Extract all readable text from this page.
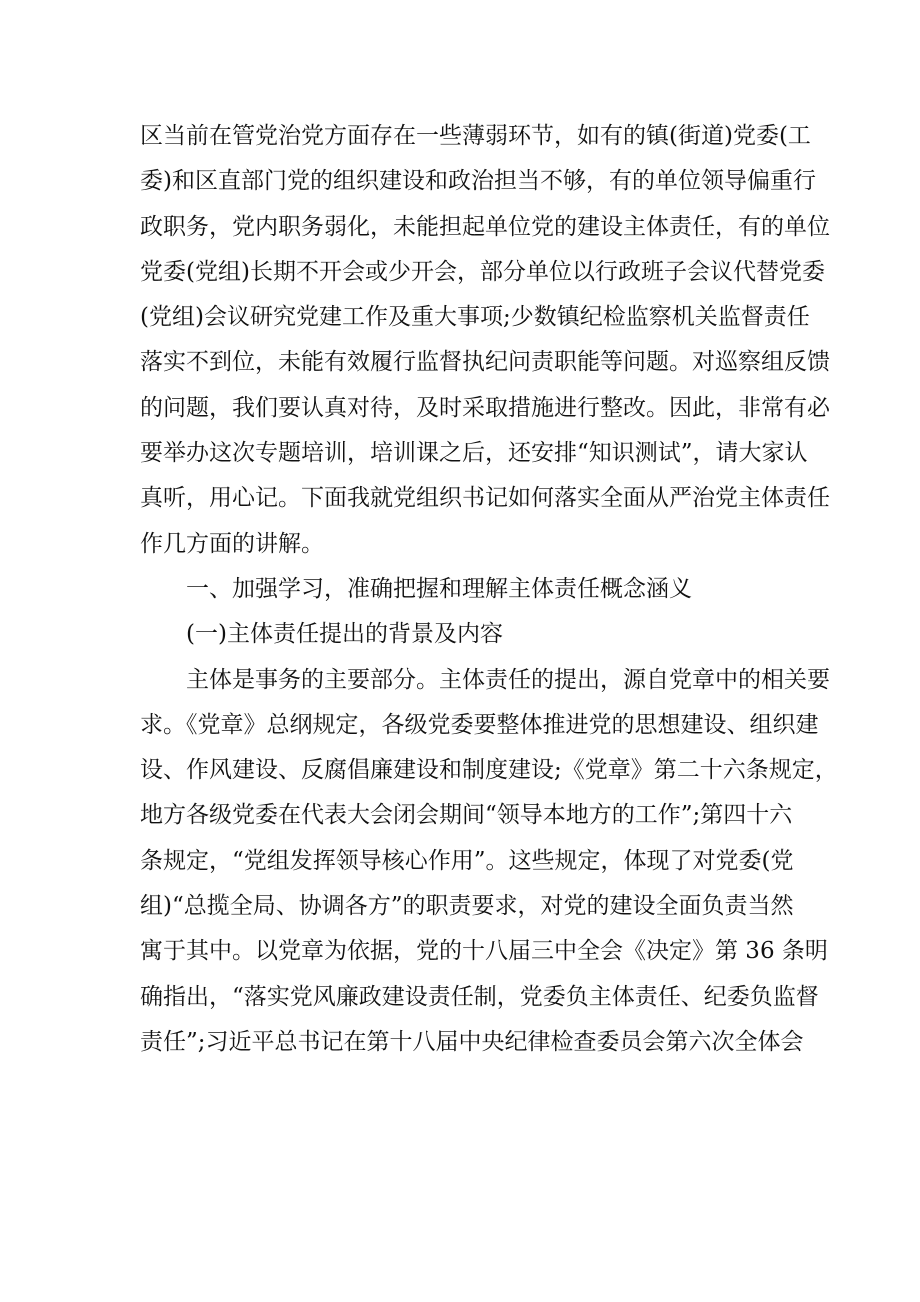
区当前在管党治党方面存在一些薄弱环节，如有的镇(街道)党委(工
委)和区直部门党的组织建设和政治担当不够，有的单位领导偏重行
政职务，党内职务弱化，未能担起单位党的建设主体责任，有的单位
党委(党组)长期不开会或少开会，部分单位以行政班子会议代替党委
(党组)会议研究党建工作及重大事项;少数镇纪检监察机关监督责任
落实不到位，未能有效履行监督执纪问责职能等问题。对巡察组反馈
的问题，我们要认真对待，及时采取措施进行整改。因此，非常有必
要举办这次专题培训，培训课之后，还安排“知识测试”，请大家认
真听，用心记。下面我就党组织书记如何落实全面从严治党主体责任
作几方面的讲解。
一、加强学习，准确把握和理解主体责任概念涵义
(一)主体责任提出的背景及内容
主体是事务的主要部分。主体责任的提出，源自党章中的相关要
求。《党章》总纲规定，各级党委要整体推进党的思想建设、组织建
设、作风建设、反腐倡廉建设和制度建设;《党章》第二十六条规定，
地方各级党委在代表大会闭会期间“领导本地方的工作”;第四十六
条规定，“党组发挥领导核心作用”。这些规定，体现了对党委(党
组)“总揽全局、协调各方”的职责要求，对党的建设全面负责当然
寓于其中。以党章为依据，党的十八届三中全会《决定》第 36 条明
确指出，“落实党风廉政建设责任制，党委负主体责任、纪委负监督
责任”;习近平总书记在第十八届中央纪律检查委员会第六次全体会
